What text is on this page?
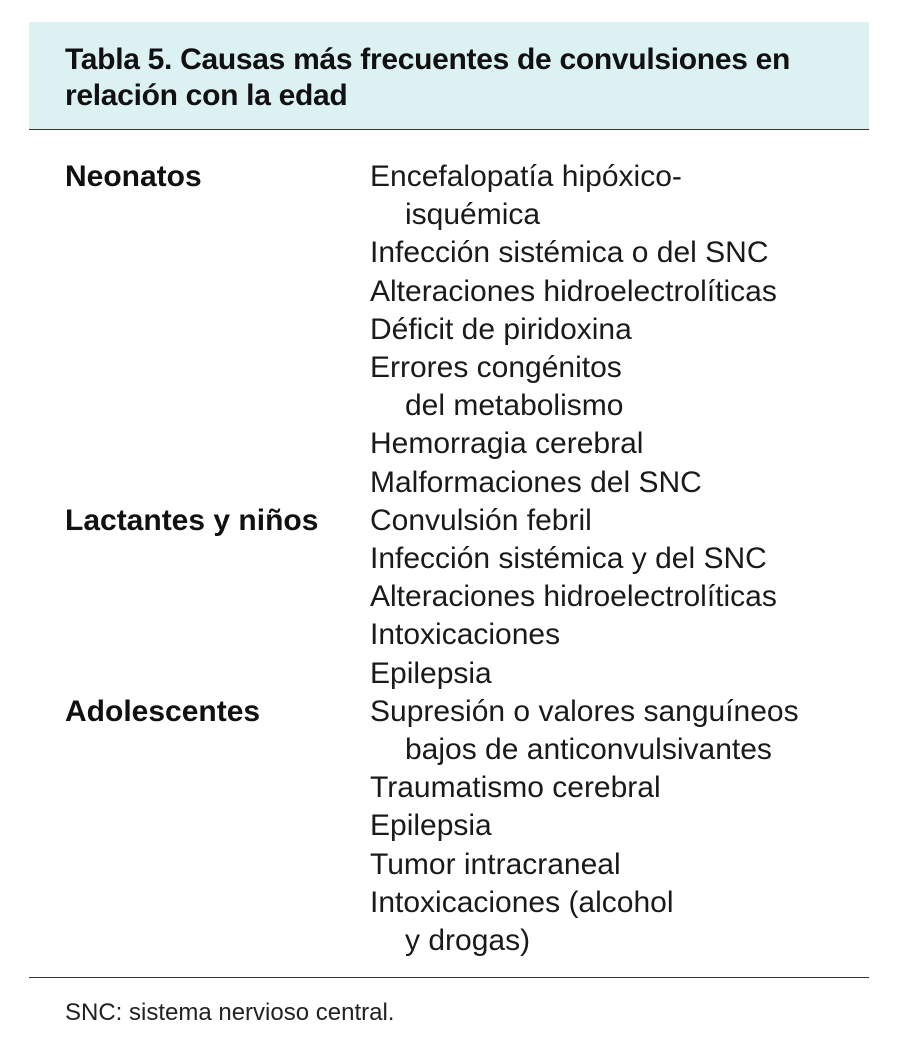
Tabla 5. Causas más frecuentes de convulsiones en relación con la edad

Neonatos	Encefalopatía hipóxico-
isquémica
Infección sistémica o del SNC
Alteraciones hidroelectrolíticas
Déficit de piridoxina
Errores congénitos
del metabolismo
Hemorragia cerebral
Malformaciones del SNC

Lactantes y niños Convulsión febril
Infección sistémica y del SNC
Alteraciones hidroelectrolíticas
Intoxicaciones
Epilepsia

Adolescentes	Supresión o valores sanguíneos
bajos de anticonvulsivantes
Traumatismo cerebral
Epilepsia
Tumor intracraneal
Intoxicaciones (alcohol
y drogas)

SNC: sistema nervioso central.
